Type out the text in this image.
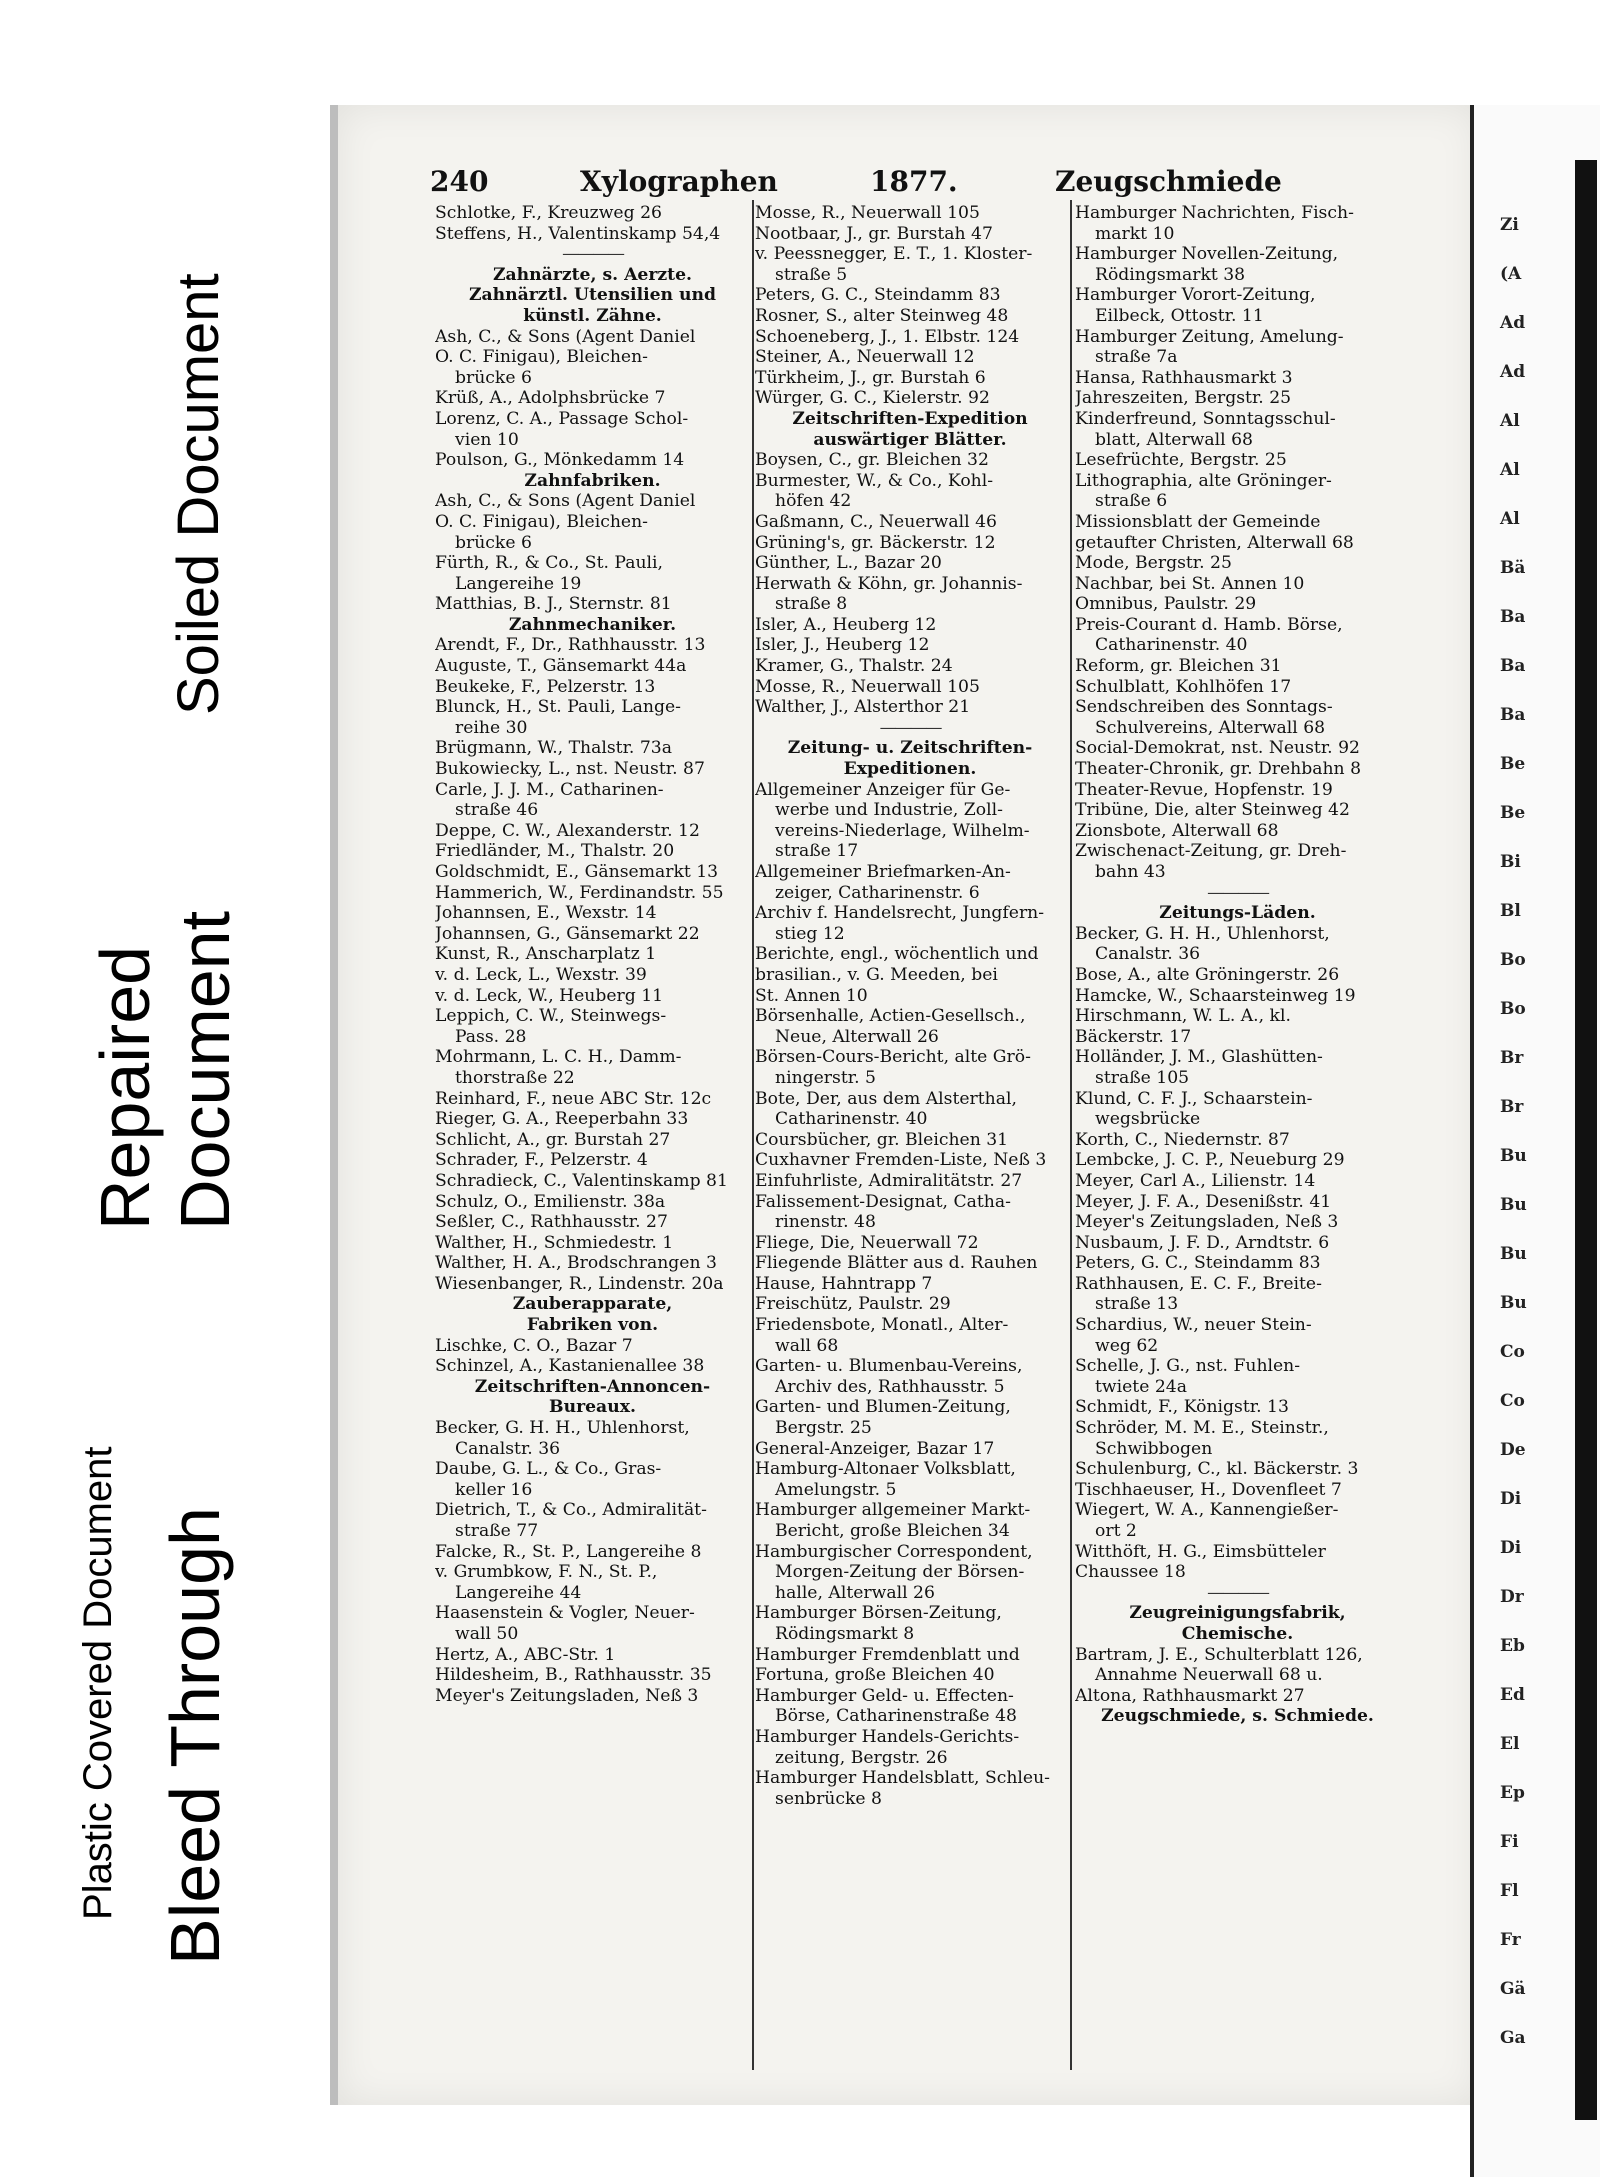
Plastic Covered Document Bleed Through
Repaired Document
Soiled Document
240	Xylographen	1877.	Zeugschmiede
Schlotke, F., Kreuzweg 26
Steffens, H., Valentinskamp 54,4
————
Zahnärzte, s. Aerzte.
Zahnärztl. Utensilien und
künstl. Zähne.
Ash, C., & Sons (Agent Daniel
O. C. Finigau), Bleichen-
brücke 6
Krüß, A., Adolphsbrücke 7
Lorenz, C. A., Passage Schol-
vien 10
Poulson, G., Mönkedamm 14
Zahnfabriken.
Ash, C., & Sons (Agent Daniel
O. C. Finigau), Bleichen-
brücke 6
Fürth, R., & Co., St. Pauli,
Langereihe 19
Matthias, B. J., Sternstr. 81
Zahnmechaniker.
Arendt, F., Dr., Rathhausstr. 13
Auguste, T., Gänsemarkt 44a
Beukeke, F., Pelzerstr. 13
Blunck, H., St. Pauli, Lange-
reihe 30
Brügmann, W., Thalstr. 73a
Bukowiecky, L., nst. Neustr. 87
Carle, J. J. M., Catharinen-
straße 46
Deppe, C. W., Alexanderstr. 12
Friedländer, M., Thalstr. 20
Goldschmidt, E., Gänsemarkt 13
Hammerich, W., Ferdinandstr. 55
Johannsen, E., Wexstr. 14
Johannsen, G., Gänsemarkt 22
Kunst, R., Anscharplatz 1
v. d. Leck, L., Wexstr. 39
v. d. Leck, W., Heuberg 11
Leppich, C. W., Steinwegs-
Pass. 28
Mohrmann, L. C. H., Damm-
thorstraße 22
Reinhard, F., neue ABC Str. 12c
Rieger, G. A., Reeperbahn 33
Schlicht, A., gr. Burstah 27
Schrader, F., Pelzerstr. 4
Schradieck, C., Valentinskamp 81
Schulz, O., Emilienstr. 38a
Seßler, C., Rathhausstr. 27
Walther, H., Schmiedestr. 1
Walther, H. A., Brodschrangen 3
Wiesenbanger, R., Lindenstr. 20a
Zauberapparate,
Fabriken von.
Lischke, C. O., Bazar 7
Schinzel, A., Kastanienallee 38
Zeitschriften-Annoncen-
Bureaux.
Becker, G. H. H., Uhlenhorst,
Canalstr. 36
Daube, G. L., & Co., Gras-
keller 16
Dietrich, T., & Co., Admiralität-
straße 77
Falcke, R., St. P., Langereihe 8
v. Grumbkow, F. N., St. P.,
Langereihe 44
Haasenstein & Vogler, Neuer-
wall 50
Hertz, A., ABC-Str. 1
Hildesheim, B., Rathhausstr. 35
Meyer's Zeitungsladen, Neß 3
Mosse, R., Neuerwall 105
Nootbaar, J., gr. Burstah 47
v. Peessnegger, E. T., 1. Kloster-
straße 5
Peters, G. C., Steindamm 83
Rosner, S., alter Steinweg 48
Schoeneberg, J., 1. Elbstr. 124
Steiner, A., Neuerwall 12
Türkheim, J., gr. Burstah 6
Würger, G. C., Kielerstr. 92
Zeitschriften-Expedition
auswärtiger Blätter.
Boysen, C., gr. Bleichen 32
Burmester, W., & Co., Kohl-
höfen 42
Gaßmann, C., Neuerwall 46
Grüning's, gr. Bäckerstr. 12
Günther, L., Bazar 20
Herwath & Köhn, gr. Johannis-
straße 8
Isler, A., Heuberg 12
Isler, J., Heuberg 12
Kramer, G., Thalstr. 24
Mosse, R., Neuerwall 105
Walther, J., Alsterthor 21
————
Zeitung- u. Zeitschriften-
Expeditionen.
Allgemeiner Anzeiger für Ge-
werbe und Industrie, Zoll-
vereins-Niederlage, Wilhelm-
straße 17
Allgemeiner Briefmarken-An-
zeiger, Catharinenstr. 6
Archiv f. Handelsrecht, Jungfern-
stieg 12
Berichte, engl., wöchentlich und
brasilian., v. G. Meeden, bei
St. Annen 10
Börsenhalle, Actien-Gesellsch.,
Neue, Alterwall 26
Börsen-Cours-Bericht, alte Grö-
ningerstr. 5
Bote, Der, aus dem Alsterthal,
Catharinenstr. 40
Coursbücher, gr. Bleichen 31
Cuxhavner Fremden-Liste, Neß 3
Einfuhrliste, Admiralitätstr. 27
Falissement-Designat, Catha-
rinenstr. 48
Fliege, Die, Neuerwall 72
Fliegende Blätter aus d. Rauhen
Hause, Hahntrapp 7
Freischütz, Paulstr. 29
Friedensbote, Monatl., Alter-
wall 68
Garten- u. Blumenbau-Vereins,
Archiv des, Rathhausstr. 5
Garten- und Blumen-Zeitung,
Bergstr. 25
General-Anzeiger, Bazar 17
Hamburg-Altonaer Volksblatt,
Amelungstr. 5
Hamburger allgemeiner Markt-
Bericht, große Bleichen 34
Hamburgischer Correspondent,
Morgen-Zeitung der Börsen-
halle, Alterwall 26
Hamburger Börsen-Zeitung,
Rödingsmarkt 8
Hamburger Fremdenblatt und
Fortuna, große Bleichen 40
Hamburger Geld- u. Effecten-
Börse, Catharinenstraße 48
Hamburger Handels-Gerichts-
zeitung, Bergstr. 26
Hamburger Handelsblatt, Schleu-
senbrücke 8
Hamburger Nachrichten, Fisch-
markt 10
Hamburger Novellen-Zeitung,
Rödingsmarkt 38
Hamburger Vorort-Zeitung,
Eilbeck, Ottostr. 11
Hamburger Zeitung, Amelung-
straße 7a
Hansa, Rathhausmarkt 3
Jahreszeiten, Bergstr. 25
Kinderfreund, Sonntagsschul-
blatt, Alterwall 68
Lesefrüchte, Bergstr. 25
Lithographia, alte Gröninger-
straße 6
Missionsblatt der Gemeinde
getaufter Christen, Alterwall 68
Mode, Bergstr. 25
Nachbar, bei St. Annen 10
Omnibus, Paulstr. 29
Preis-Courant d. Hamb. Börse,
Catharinenstr. 40
Reform, gr. Bleichen 31
Schulblatt, Kohlhöfen 17
Sendschreiben des Sonntags-
Schulvereins, Alterwall 68
Social-Demokrat, nst. Neustr. 92
Theater-Chronik, gr. Drehbahn 8
Theater-Revue, Hopfenstr. 19
Tribüne, Die, alter Steinweg 42
Zionsbote, Alterwall 68
Zwischenact-Zeitung, gr. Dreh-
bahn 43
————
Zeitungs-Läden.
Becker, G. H. H., Uhlenhorst,
Canalstr. 36
Bose, A., alte Gröningerstr. 26
Hamcke, W., Schaarsteinweg 19
Hirschmann, W. L. A., kl.
Bäckerstr. 17
Holländer, J. M., Glashütten-
straße 105
Klund, C. F. J., Schaarstein-
wegsbrücke
Korth, C., Niedernstr. 87
Lembcke, J. C. P., Neueburg 29
Meyer, Carl A., Lilienstr. 14
Meyer, J. F. A., Desenißstr. 41
Meyer's Zeitungsladen, Neß 3
Nusbaum, J. F. D., Arndtstr. 6
Peters, G. C., Steindamm 83
Rathhausen, E. C. F., Breite-
straße 13
Schardius, W., neuer Stein-
weg 62
Schelle, J. G., nst. Fuhlen-
twiete 24a
Schmidt, F., Königstr. 13
Schröder, M. M. E., Steinstr.,
Schwibbogen
Schulenburg, C., kl. Bäckerstr. 3
Tischhaeuser, H., Dovenfleet 7
Wiegert, W. A., Kannengießer-
ort 2
Witthöft, H. G., Eimsbütteler
Chaussee 18
————
Zeugreinigungsfabrik,
Chemische.
Bartram, J. E., Schulterblatt 126,
Annahme Neuerwall 68 u.
Altona, Rathhausmarkt 27
Zeugschmiede, s. Schmiede.
Zi
(A
Ad
Ad
Al
Al
Al
Bä
Ba
Ba
Ba
Be
Be
Bi
Bl
Bo
Bo
Br
Br
Bu
Bu
Bu
Bu
Co
Co
De
Di
Di
Dr
Eb
Ed
El
Ep
Fi
Fl
Fr
Gä
Ga
